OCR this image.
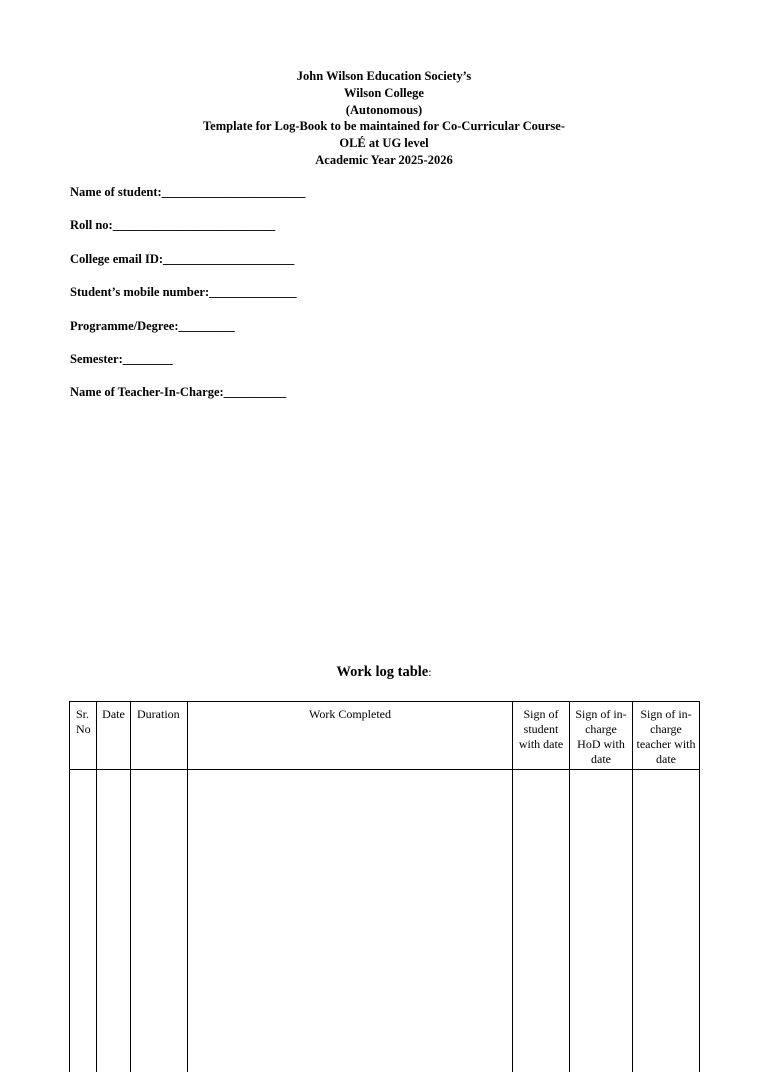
John Wilson Education Society’s
Wilson College
(Autonomous)
Template for Log-Book to be maintained for Co-Curricular Course-
OLÉ at UG level
Academic Year 2025-2026
Name of student:_______________________
Roll no:__________________________
College email ID:_____________________
Student’s mobile number:______________
Programme/Degree:_________
Semester:________
Name of Teacher-In-Charge:__________
Work log table:
Sr. No	Date	Duration	Work Completed	Sign of student with date	Sign of in-charge HoD with date	Sign of in-charge teacher with date
